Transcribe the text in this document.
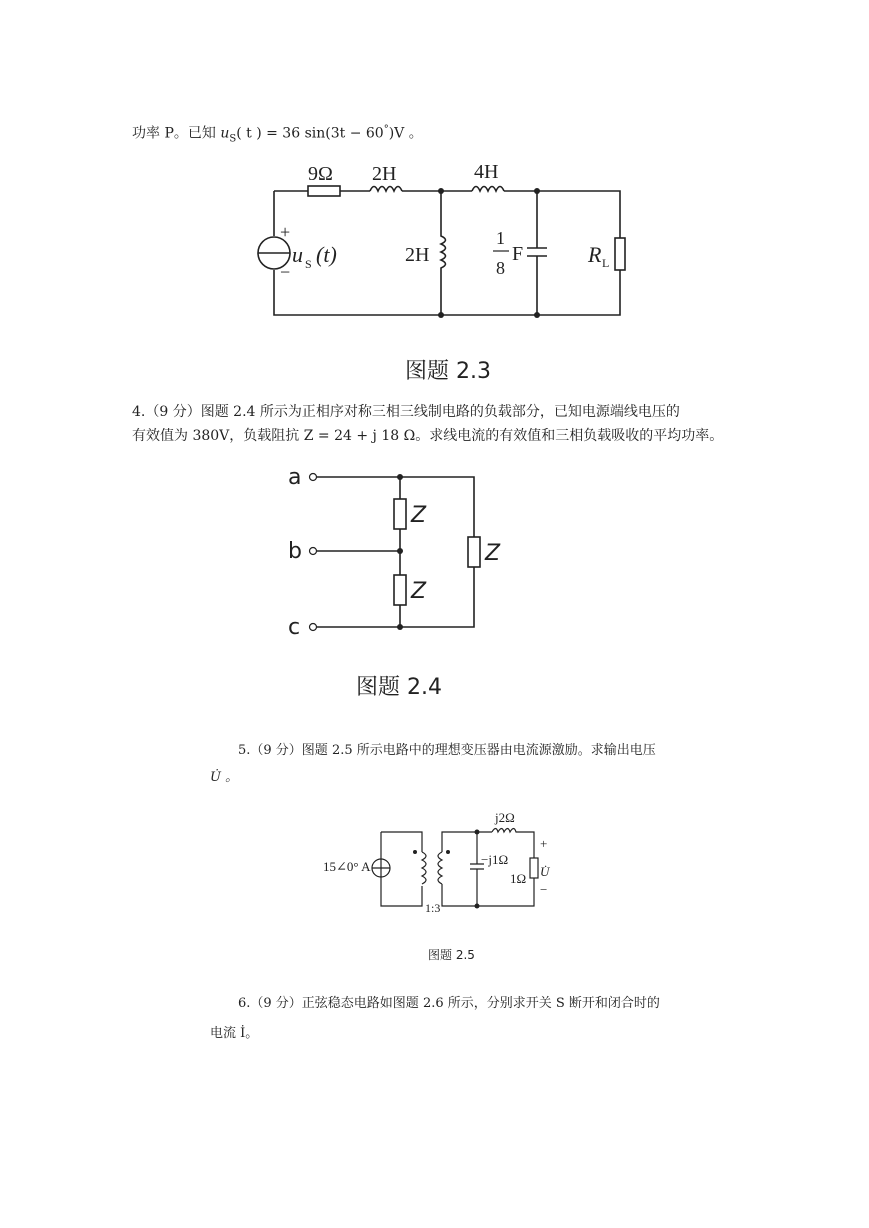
功率 P。已知 $u_S$( t ) = 36 sin(3t − 60°)V 。
9Ω 2H	4H
2H
+
−
u S (t)
1
8
F	R L
图题 2.3
4.（9 分）图题 2.4 所示为正相序对称三相三线制电路的负载部分，已知电源端线电压的
有效值为 380V，负载阻抗 Z = 24 + j 18 Ω。求线电流的有效值和三相负载吸收的平均功率。
a
b
c
Z
Z
Z
图题 2.4
5.（9 分）图题 2.5 所示电路中的理想变压器由电流源激励。求输出电压
U̇ 。
15∠0° A
j2Ω
−j1Ω
1Ω
1:3
+
U̇
−
图题 2.5
6.（9 分）正弦稳态电路如图题 2.6 所示，分别求开关 S 断开和闭合时的
电流 İ。
